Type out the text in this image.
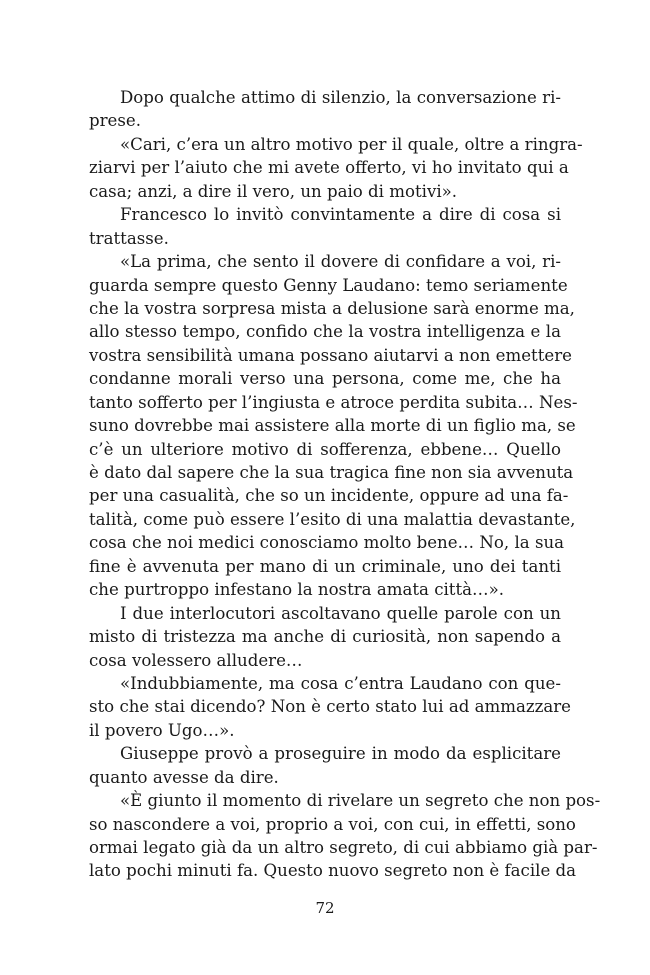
Dopo qualche attimo di silenzio, la conversazione ri-
prese.
«Cari, c’era un altro motivo per il quale, oltre a ringra-
ziarvi per l’aiuto che mi avete offerto, vi ho invitato qui a
casa; anzi, a dire il vero, un paio di motivi».
Francesco lo invitò convintamente a dire di cosa si
trattasse.
«La prima, che sento il dovere di confidare a voi, ri-
guarda sempre questo Genny Laudano: temo seriamente
che la vostra sorpresa mista a delusione sarà enorme ma,
allo stesso tempo, confido che la vostra intelligenza e la
vostra sensibilità umana possano aiutarvi a non emettere
condanne morali verso una persona, come me, che ha
tanto sofferto per l’ingiusta e atroce perdita subita… Nes-
suno dovrebbe mai assistere alla morte di un figlio ma, se
c’è un ulteriore motivo di sofferenza, ebbene… Quello
è dato dal sapere che la sua tragica fine non sia avvenuta
per una casualità, che so un incidente, oppure ad una fa-
talità, come può essere l’esito di una malattia devastante,
cosa che noi medici conosciamo molto bene… No, la sua
fine è avvenuta per mano di un criminale, uno dei tanti
che purtroppo infestano la nostra amata città…».
I due interlocutori ascoltavano quelle parole con un
misto di tristezza ma anche di curiosità, non sapendo a
cosa volessero alludere…
«Indubbiamente, ma cosa c’entra Laudano con que-
sto che stai dicendo? Non è certo stato lui ad ammazzare
il povero Ugo…».
Giuseppe provò a proseguire in modo da esplicitare
quanto avesse da dire.
«È giunto il momento di rivelare un segreto che non pos-
so nascondere a voi, proprio a voi, con cui, in effetti, sono
ormai legato già da un altro segreto, di cui abbiamo già par-
lato pochi minuti fa. Questo nuovo segreto non è facile da
72
